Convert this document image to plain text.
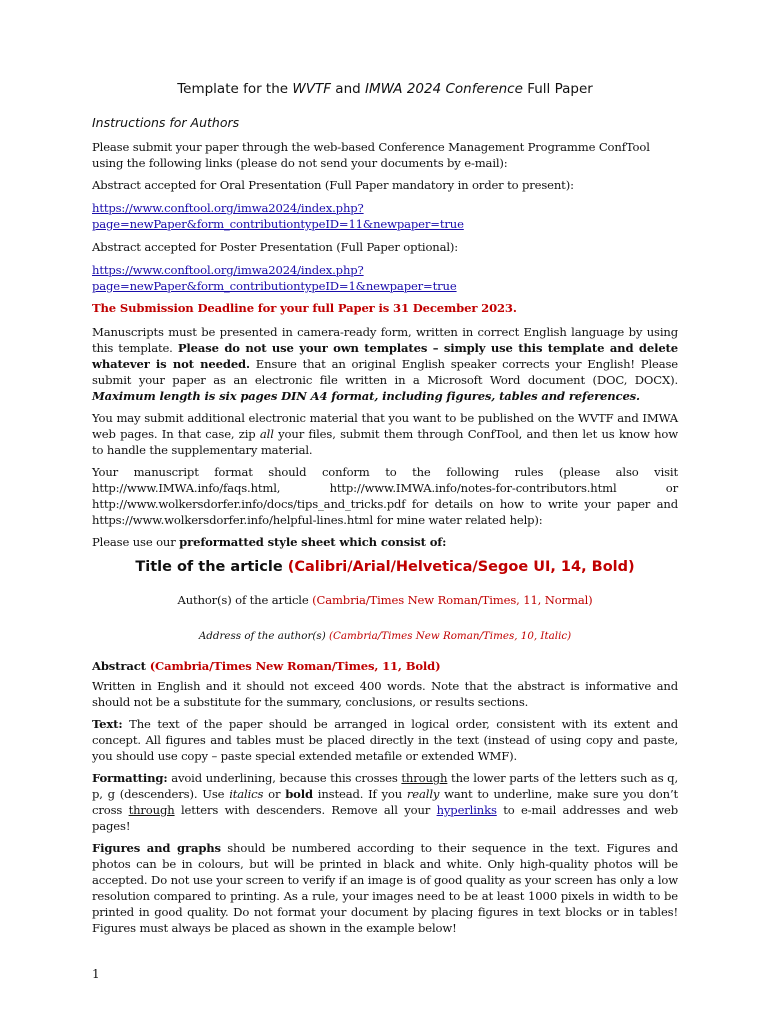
Template for the WVTF and IMWA 2024 Conference Full Paper
Instructions for Authors

Please submit your paper through the web-based Conference Management Programme ConfTool using the following links (please do not send your documents by e-mail):

Abstract accepted for Oral Presentation (Full Paper mandatory in order to present):

https://www.conftool.org/imwa2024/index.php?
page=newPaper&form_contributiontypeID=11&newpaper=true

Abstract accepted for Poster Presentation (Full Paper optional):

https://www.conftool.org/imwa2024/index.php?
page=newPaper&form_contributiontypeID=1&newpaper=true

The Submission Deadline for your full Paper is 31 December 2023.

Manuscripts must be presented in camera-ready form, written in correct English language by using this template. Please do not use your own templates – simply use this template and delete whatever is not needed. Ensure that an original English speaker corrects your English! Please submit your paper as an electronic file written in a Microsoft Word document (DOC, DOCX). Maximum length is six pages DIN A4 format, including figures, tables and references.

You may submit additional electronic material that you want to be published on the WVTF and IMWA web pages. In that case, zip all your files, submit them through ConfTool, and then let us know how to handle the supplementary material.

Your manuscript format should conform to the following rules (please also visit http://www.IMWA.info/faqs.html, http://www.IMWA.info/notes-for-contributors.html or http://www.wolkersdorfer.info/docs/tips_and_tricks.pdf for details on how to write your paper and https://www.wolkersdorfer.info/helpful-lines.html for mine water related help):

Please use our preformatted style sheet which consist of:

Title of the article (Calibri/Arial/Helvetica/Segoe UI, 14, Bold)

Author(s) of the article (Cambria/Times New Roman/Times, 11, Normal)

Address of the author(s) (Cambria/Times New Roman/Times, 10, Italic)

Abstract (Cambria/Times New Roman/Times, 11, Bold)

Written in English and it should not exceed 400 words. Note that the abstract is informative and should not be a substitute for the summary, conclusions, or results sections.

Text: The text of the paper should be arranged in logical order, consistent with its extent and concept. All figures and tables must be placed directly in the text (instead of using copy and paste, you should use copy – paste special extended metafile or extended WMF).

Formatting: avoid underlining, because this crosses through the lower parts of the letters such as q, p, g (descenders). Use italics or bold instead. If you really want to underline, make sure you don’t cross through letters with descenders. Remove all your hyperlinks to e-mail addresses and web pages!

Figures and graphs should be numbered according to their sequence in the text. Figures and photos can be in colours, but will be printed in black and white. Only high-quality photos will be accepted. Do not use your screen to verify if an image is of good quality as your screen has only a low resolution compared to printing. As a rule, your images need to be at least 1000 pixels in width to be printed in good quality. Do not format your document by placing figures in text blocks or in tables! Figures must always be placed as shown in the example below!

1
